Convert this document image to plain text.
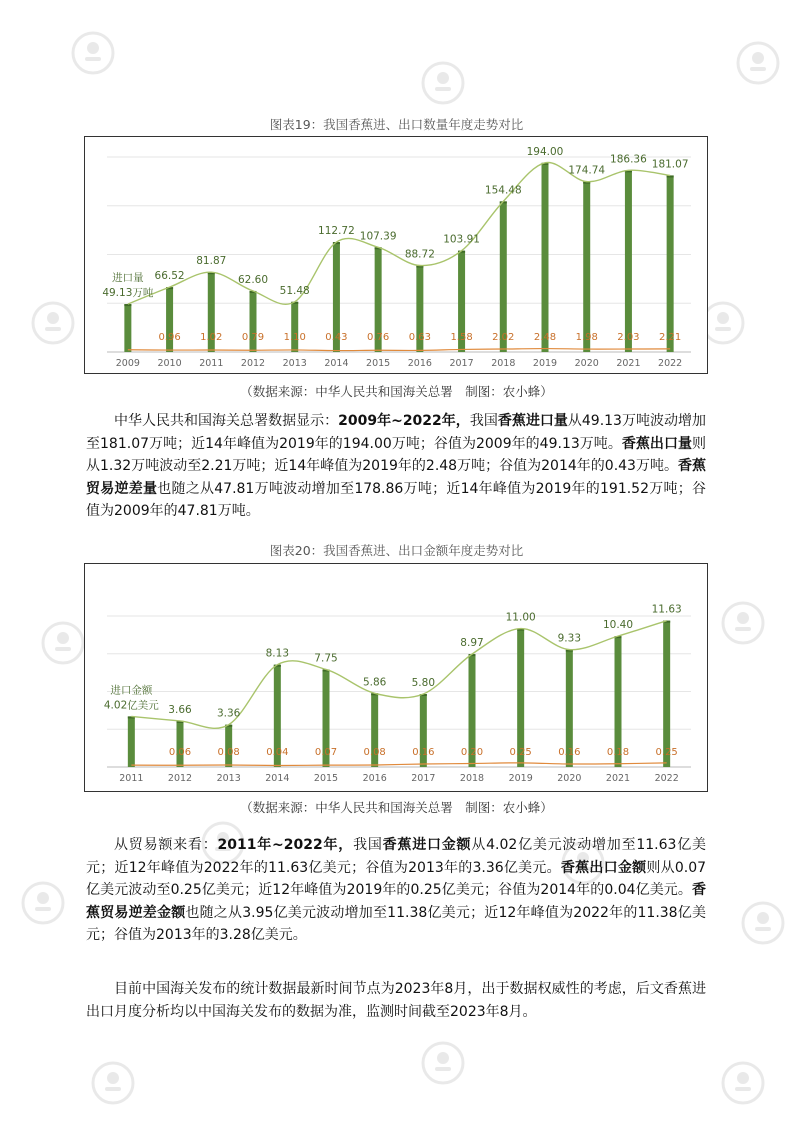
图表19：我国香蕉进、出口数量年度走势对比
进口量 49.13万吨
66.52
81.87
62.60
51.48
112.72 107.39
88.72
103.91
154.48
194.00
174.74
186.36 181.07
0.96 1.02 0.79 1.10 0.43 0.76 0.63 1.58 2.02 2.48 1.98 2.03 2.21
2009 2010 2011 2012 2013 2014 2015 2016 2017 2018 2019 2020 2021 2022
（数据来源：中华人民共和国海关总署　制图：农小蜂）

中华人民共和国海关总署数据显示：2009年~2022年，我国香蕉进口量从49.13万吨波动增加至181.07万吨；近14年峰值为2019年的194.00万吨；谷值为2009年的49.13万吨。香蕉出口量则从1.32万吨波动至2.21万吨；近14年峰值为2019年的2.48万吨；谷值为2014年的0.43万吨。香蕉贸易逆差量也随之从47.81万吨波动增加至178.86万吨；近14年峰值为2019年的191.52万吨；谷值为2009年的47.81万吨。

图表20：我国香蕉进、出口金额年度走势对比
进口金额 4.02亿美元 3.66 3.36
8.13 7.75
5.86 5.80
8.97
11.00
9.33
10.40
11.63
0.06	0.08	0.04	0.07	0.08	0.16	0.20	0.25	0.16	0.18	0.25
2011	2012	2013	2014	2015	2016	2017	2018	2019	2020	2021	2022
（数据来源：中华人民共和国海关总署　制图：农小蜂）

从贸易额来看：2011年~2022年，我国香蕉进口金额从4.02亿美元波动增加至11.63亿美元；近12年峰值为2022年的11.63亿美元；谷值为2013年的3.36亿美元。香蕉出口金额则从0.07亿美元波动至0.25亿美元；近12年峰值为2019年的0.25亿美元；谷值为2014年的0.04亿美元。香蕉贸易逆差金额也随之从3.95亿美元波动增加至11.38亿美元；近12年峰值为2022年的11.38亿美元；谷值为2013年的3.28亿美元。

目前中国海关发布的统计数据最新时间节点为2023年8月，出于数据权威性的考虑，后文香蕉进出口月度分析均以中国海关发布的数据为准，监测时间截至2023年8月。
